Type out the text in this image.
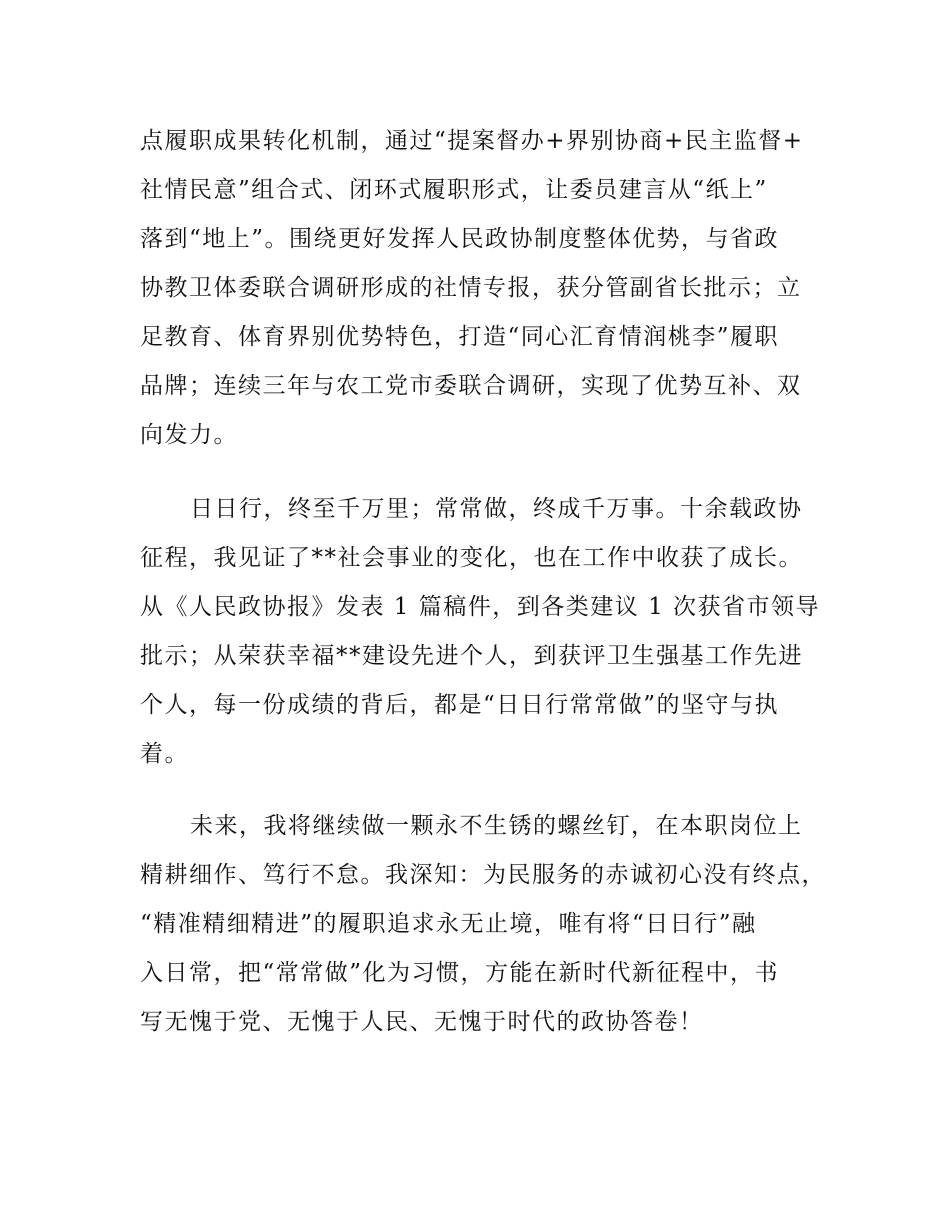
点履职成果转化机制，通过“提案督办+界别协商+民主监督+
社情民意”组合式、闭环式履职形式，让委员建言从“纸上”
落到“地上”。围绕更好发挥人民政协制度整体优势，与省政
协教卫体委联合调研形成的社情专报，获分管副省长批示；立
足教育、体育界别优势特色，打造“同心汇育情润桃李”履职
品牌；连续三年与农工党市委联合调研，实现了优势互补、双
向发力。
日日行，终至千万里；常常做，终成千万事。十余载政协
征程，我见证了**社会事业的变化，也在工作中收获了成长。
从《人民政协报》发表 1 篇稿件，到各类建议 1 次获省市领导
批示；从荣获幸福**建设先进个人，到获评卫生强基工作先进
个人，每一份成绩的背后，都是“日日行常常做”的坚守与执
着。
未来，我将继续做一颗永不生锈的螺丝钉，在本职岗位上
精耕细作、笃行不怠。我深知：为民服务的赤诚初心没有终点，
“精准精细精进”的履职追求永无止境，唯有将“日日行”融
入日常，把“常常做”化为习惯，方能在新时代新征程中，书
写无愧于党、无愧于人民、无愧于时代的政协答卷！
